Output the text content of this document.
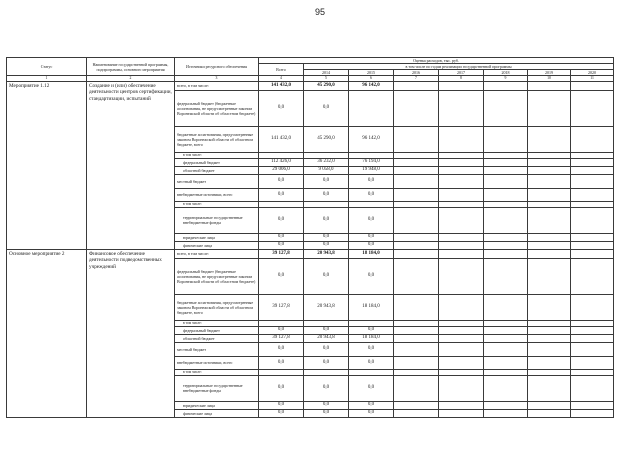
95
Статус	Наименование государственной программы, подпрограммы, основного мероприятия	Источники ресурсного обеспечения	Оценка расходов, тыс. руб.							
			Всего	в том числе по годам реализации государственной программы						
				2014	2015	2016	2017	2018	2019	2020
1	2	3	4	5	6	7	8	9	10	11
Мероприятие 1.12	Создание и (или) обеспечение деятельности центров сертификации, стандартизации, испытаний	всего, в том числе:	141 432,0	45 290,0	96 142,0					
		федеральный бюджет (бюджетные ассигнования, не предусмотренные законом Воронежской области об областном бюджете)	0,0	0,0						
		бюджетные ассигнования, предусмотренные законом Воронежской области об областном бюджете, всего	141 432,0	45 290,0	96 142,0					
		в том числе:								
		федеральный бюджет	112 426,0	36 232,0	76 194,0					
		областной бюджет	29 006,0	9 058,0	19 948,0					
		местный бюджет	0,0	0,0	0,0					
		внебюджетные источники, всего	0,0	0,0	0,0					
		в том числе:								
		территориальные государственные внебюджетные фонды	0,0	0,0	0,0					
		юридические лица	0,0	0,0	0,0					
		физические лица	0,0	0,0	0,0					
Основное мероприятие 2	Финансовое обеспечение деятельности подведомственных учреждений	всего, в том числе:	39 127,8	20 943,8	18 184,0					
		федеральный бюджет (бюджетные ассигнования, не предусмотренные законом Воронежской области об областном бюджете)	0,0	0,0	0,0					
		бюджетные ассигнования, предусмотренные законом Воронежской области об областном бюджете, всего	39 127,8	20 943,8	18 184,0					
		в том числе:								
		федеральный бюджет	0,0	0,0	0,0					
		областной бюджет	39 127,8	20 943,8	18 184,0					
		местный бюджет	0,0	0,0	0,0					
		внебюджетные источники, всего	0,0	0,0	0,0					
		в том числе:								
		территориальные государственные внебюджетные фонды	0,0	0,0	0,0					
		юридические лица	0,0	0,0	0,0					
		физические лица	0,0	0,0	0,0					
